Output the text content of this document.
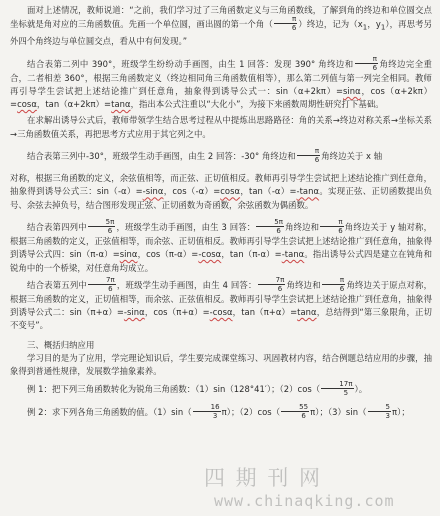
面对上述情况，教师说道：“之前，我们学习过了三角函数定义与三角函数线，了解到角的终边和单位圆交点坐标就是角对应的三角函数值。先画一个单位圆，画出圆的第一个角（ $\frac{\pi}{6}$ ）终边，记为（$x_1$，$y_1$），再思考另外四个角终边与单位圆交点，看从中有何发现。”

结合表第二列中 390°，班级学生纷纷动手画图，由生 1 回答：发现 390° 角终边和 $\frac{\pi}{6}$ 角终边完全重合，二者相差 360°，根据三角函数定义（终边相同角三角函数值相等），那么第二列值与第一列完全相同。教师再引导学生尝试把上述结论推广到任意角，抽象得到诱导公式一：sin（α+2kπ）=sinα，cos（α+2kπ）=cosα，tan（α+2kπ）=tanα，指出本公式注重以“大化小”，为接下来函数周期性研究打下基础。

在求解出诱导公式后，教师带领学生结合思考过程从中提炼出思路路径：角的关系→终边对称关系→坐标关系→三角函数值关系，再把思考方式应用于其它列之中。

结合表第三列中-30°，班级学生动手画图，由生 2 回答：-30° 角终边和 $\frac{\pi}{6}$ 角终边关于 x 轴

对称，根据三角函数的定义，余弦值相等，而正弦、正切值相反。教师再引导学生尝试把上述结论推广到任意角，抽象得到诱导公式三：sin（-α）=-sinα，cos（-α）=cosα，tan（-α）=-tanα。实现正弦、正切函数提出负号、余弦去掉负号，结合图形发现正弦、正切函数为奇函数，余弦函数为偶函数。

结合表第四列中 $\frac{5\pi}{6}$ ，班级学生动手画图，由生 3 回答： $\frac{5\pi}{6}$ 角终边和 $\frac{\pi}{6}$ 角终边关于 y 轴对称，根据三角函数的定义，正弦值相等，而余弦、正切值相反。教师再引导学生尝试把上述结论推广到任意角，抽象得到诱导公式四：sin（π-α）=sinα，cos（π-α）=-cosα，tan（π-α）=-tanα。指出诱导公式四是建立在钝角和锐角中的一个桥梁，对任意角均成立。

结合表第五列中 $\frac{7\pi}{6}$ ，班级学生动手画图，由生 4 回答： $\frac{7\pi}{6}$ 角终边和 $\frac{\pi}{6}$ 角终边关于原点对称，根据三角函数的定义，正切值相等，而余弦、正弦值相反。教师再引导学生尝试把上述结论推广到任意角，抽象得到诱导公式二：sin（π+α）=-sinα，cos（π+α）=-cosα，tan（π+α）=tanα，总结得到“第三象限角，正切不变号”。

三、概括归纳应用

学习目的是为了应用，学完理论知识后，学生要完成课堂练习、巩固教材内容，结合例题总结应用的步骤，抽象得到普通性规律，发展数学抽象素养。

例 1：把下列三角函数转化为锐角三角函数：（1）sin（128°41′）；$(2)\cos( \frac{17\pi}{5}$ ）。

例 2：求下列各角三角函数的值。$(1)\sin( \frac{16}{3} \pi)$；$(2)\cos( \frac{55}{6} \pi)$；$(3)\sin( \frac{5}{3} \pi)$；

四 期 刊 网
www.chinaqking.com
